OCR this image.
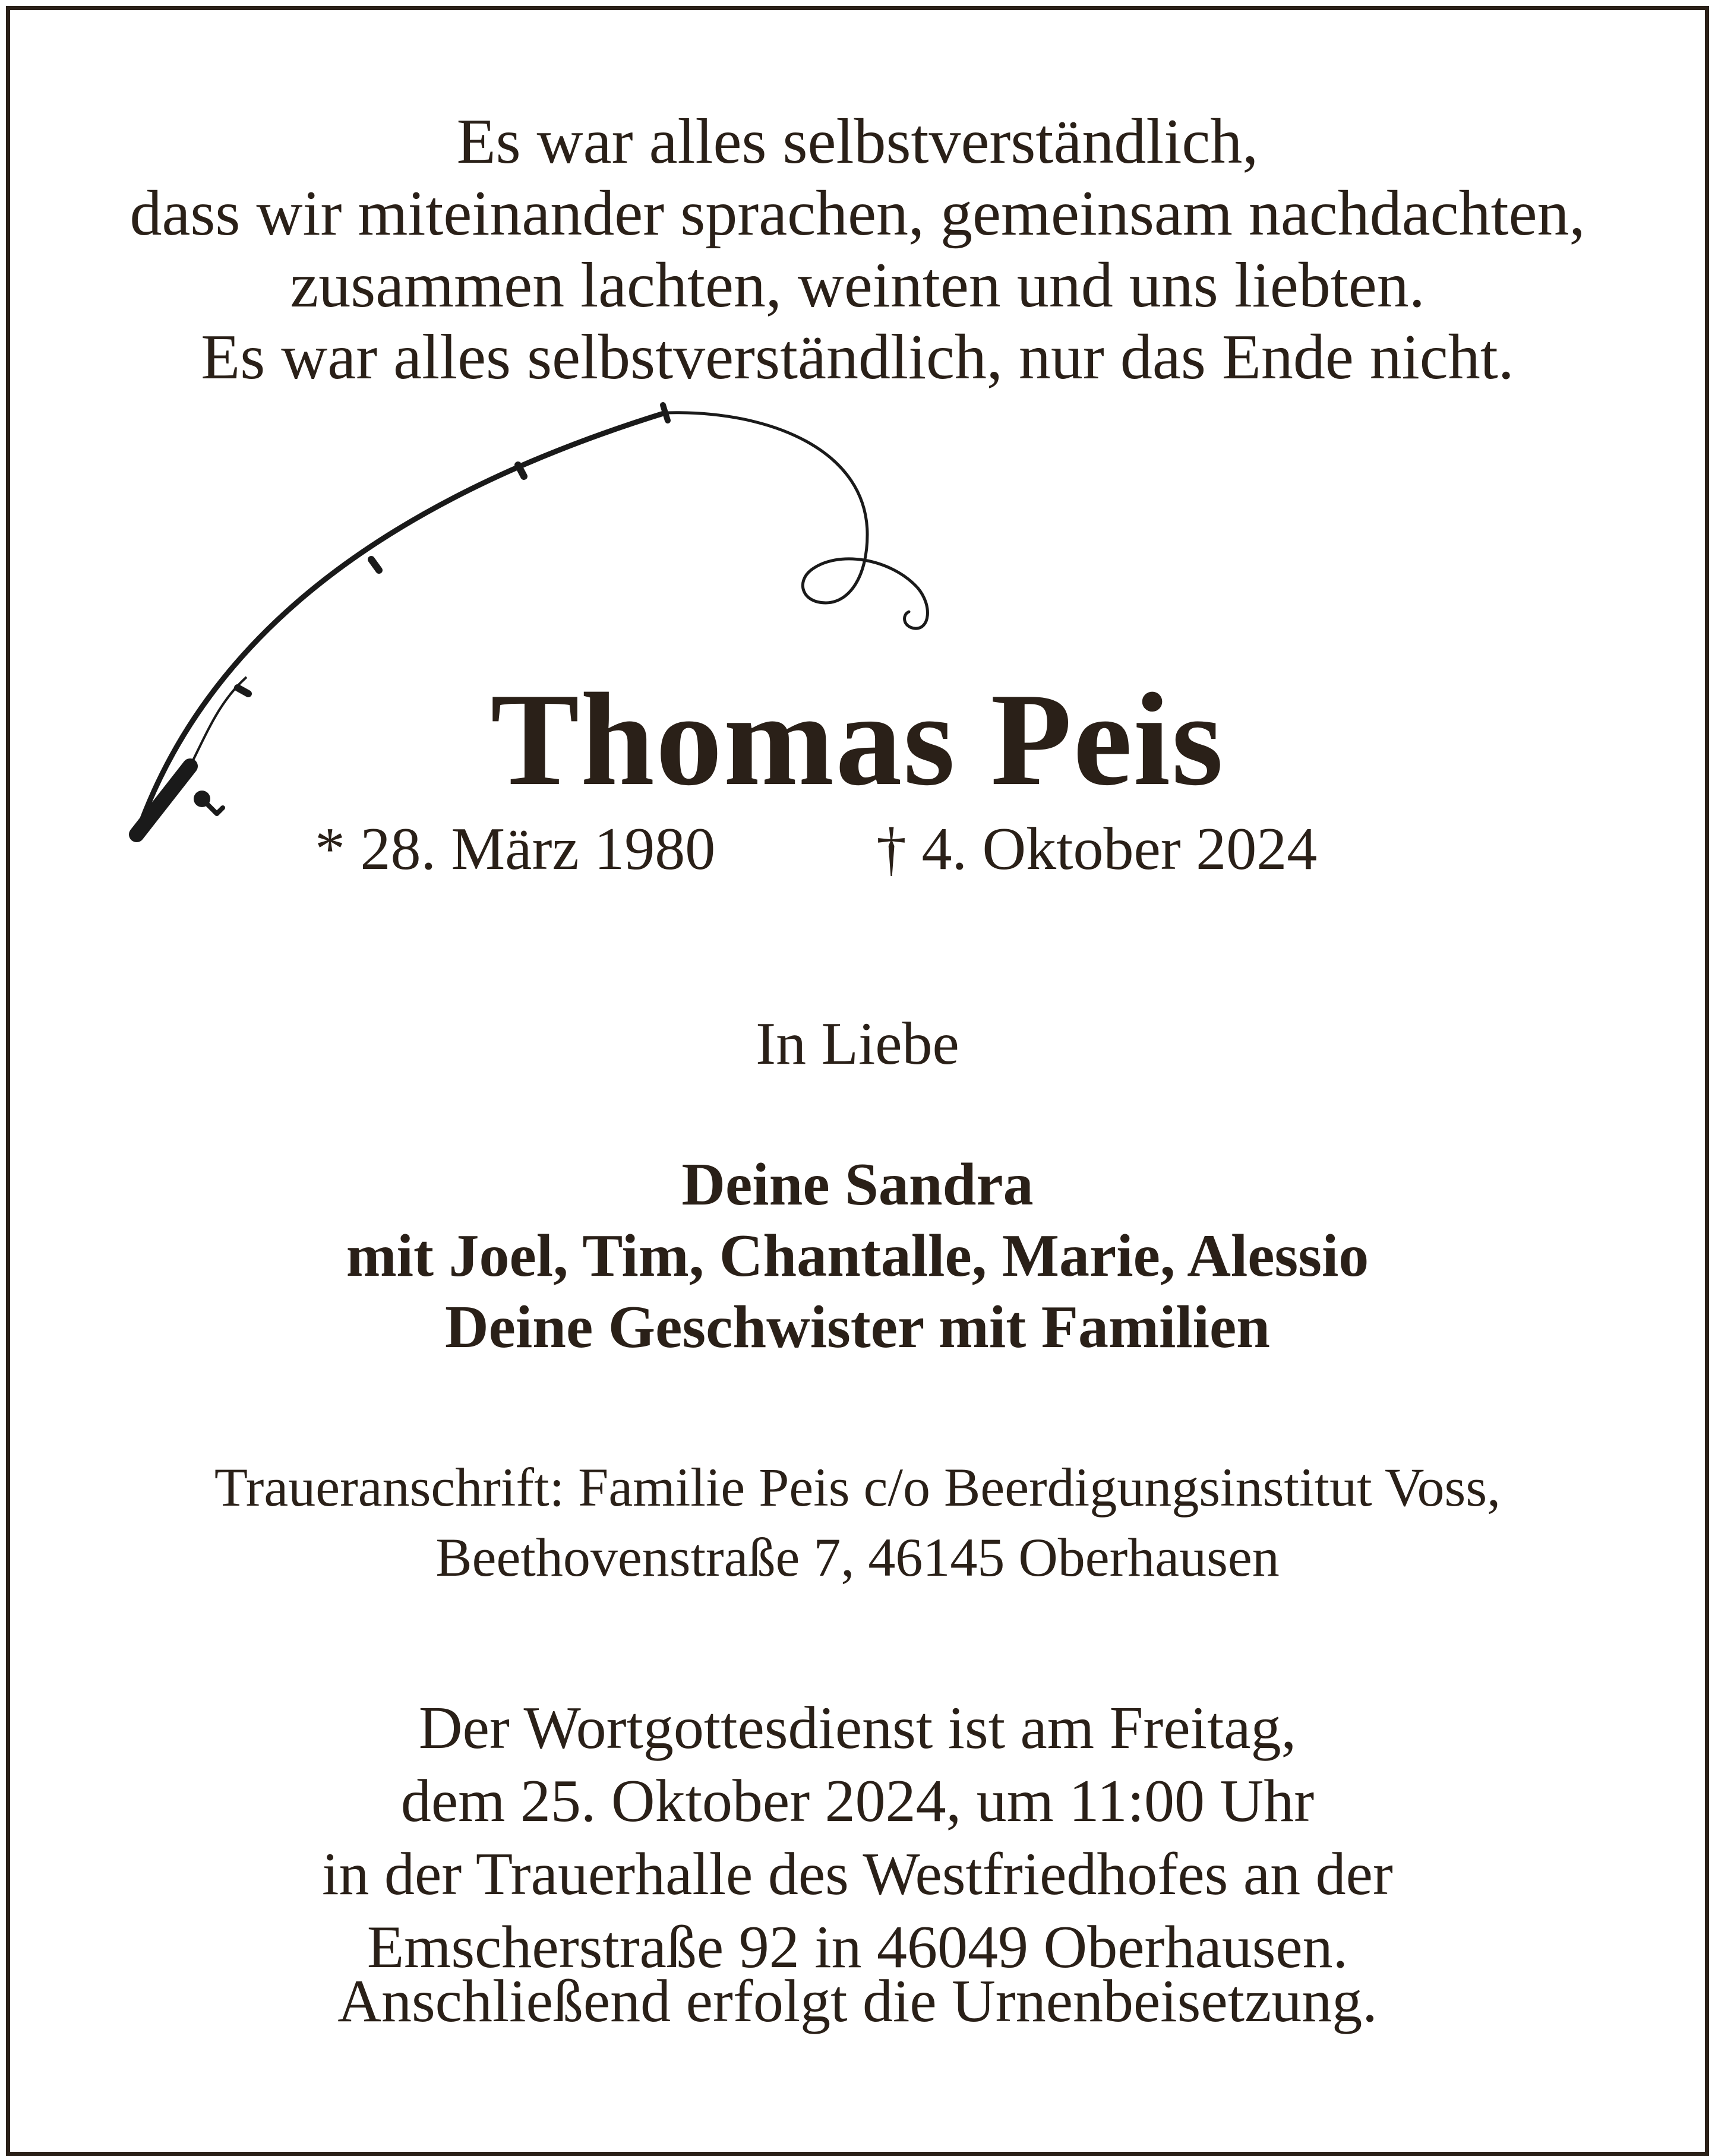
Es war alles selbstverständlich,
dass wir miteinander sprachen, gemeinsam nachdachten,
zusammen lachten, weinten und uns liebten.
Es war alles selbstverständlich, nur das Ende nicht.
Thomas Peis
* 28. März 1980	† 4. Oktober 2024
In Liebe
Deine Sandra
mit Joel, Tim, Chantalle, Marie, Alessio
Deine Geschwister mit Familien
Traueranschrift: Familie Peis c/o Beerdigungsinstitut Voss,
Beethovenstraße 7, 46145 Oberhausen
Der Wortgottesdienst ist am Freitag,
dem 25. Oktober 2024, um 11:00 Uhr
in der Trauerhalle des Westfriedhofes an der
Emscherstraße 92 in 46049 Oberhausen.
Anschließend erfolgt die Urnenbeisetzung.
